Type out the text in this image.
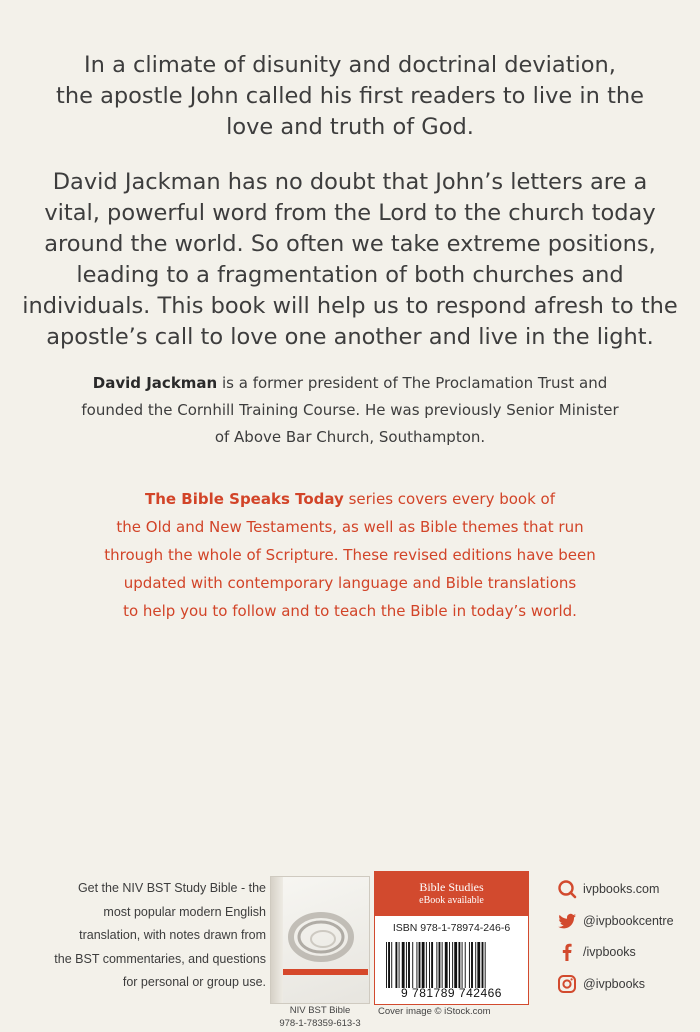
In a climate of disunity and doctrinal deviation,
the apostle John called his first readers to live in the
love and truth of God.
David Jackman has no doubt that John’s letters are a
vital, powerful word from the Lord to the church today
around the world. So often we take extreme positions,
leading to a fragmentation of both churches and
individuals. This book will help us to respond afresh to the
apostle’s call to love one another and live in the light.
David Jackman is a former president of The Proclamation Trust and
founded the Cornhill Training Course. He was previously Senior Minister
of Above Bar Church, Southampton.
The Bible Speaks Today series covers every book of
the Old and New Testaments, as well as Bible themes that run
through the whole of Scripture. These revised editions have been
updated with contemporary language and Bible translations
to help you to follow and to teach the Bible in today’s world.
Get the NIV BST Study Bible - the
most popular modern English
translation, with notes drawn from
the BST commentaries, and questions
for personal or group use.
NIV BST Bible
978-1-78359-613-3
Bible Studies
eBook available
ISBN 978-1-78974-246-6
9 781789 742466
Cover image © iStock.com
ivpbooks.com
@ivpbookcentre
/ivpbooks
@ivpbooks
